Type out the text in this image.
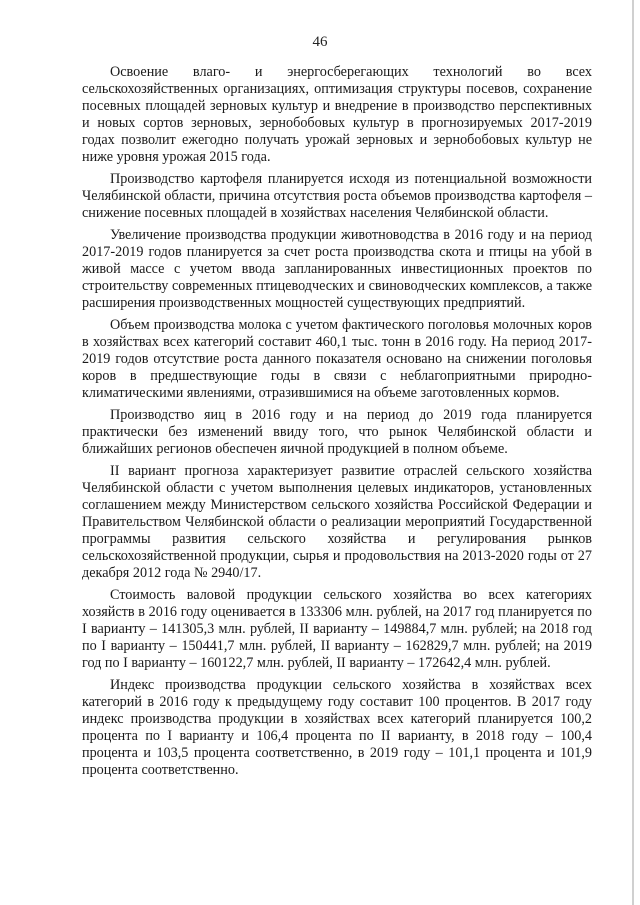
46

Освоение влаго- и энергосберегающих технологий во всех сельскохозяйственных организациях, оптимизация структуры посевов, сохранение посевных площадей зерновых культур и внедрение в производство перспективных и новых сортов зерновых, зернобобовых культур в прогнозируемых 2017-2019 годах позволит ежегодно получать урожай зерновых и зернобобовых культур не ниже уровня урожая 2015 года.

Производство картофеля планируется исходя из потенциальной возможности Челябинской области, причина отсутствия роста объемов производства картофеля – снижение посевных площадей в хозяйствах населения Челябинской области.

Увеличение производства продукции животноводства в 2016 году и на период 2017-2019 годов планируется за счет роста производства скота и птицы на убой в живой массе с учетом ввода запланированных инвестиционных проектов по строительству современных птицеводческих и свиноводческих комплексов, а также расширения производственных мощностей существующих предприятий.

Объем производства молока с учетом фактического поголовья молочных коров в хозяйствах всех категорий составит 460,1 тыс. тонн в 2016 году. На период 2017-2019 годов отсутствие роста данного показателя основано на снижении поголовья коров в предшествующие годы в связи с неблагоприятными природно-климатическими явлениями, отразившимися на объеме заготовленных кормов.

Производство яиц в 2016 году и на период до 2019 года планируется практически без изменений ввиду того, что рынок Челябинской области и ближайших регионов обеспечен яичной продукцией в полном объеме.

II вариант прогноза характеризует развитие отраслей сельского хозяйства Челябинской области с учетом выполнения целевых индикаторов, установленных соглашением между Министерством сельского хозяйства Российской Федерации и Правительством Челябинской области о реализации мероприятий Государственной программы развития сельского хозяйства и регулирования рынков сельскохозяйственной продукции, сырья и продовольствия на 2013-2020 годы от 27 декабря 2012 года № 2940/17.

Стоимость валовой продукции сельского хозяйства во всех категориях хозяйств в 2016 году оценивается в 133306 млн. рублей, на 2017 год планируется по I варианту – 141305,3 млн. рублей, II варианту – 149884,7 млн. рублей; на 2018 год по I варианту – 150441,7 млн. рублей, II варианту – 162829,7 млн. рублей; на 2019 год по I варианту – 160122,7 млн. рублей, II варианту – 172642,4 млн. рублей.

Индекс производства продукции сельского хозяйства в хозяйствах всех категорий в 2016 году к предыдущему году составит 100 процентов. В 2017 году индекс производства продукции в хозяйствах всех категорий планируется 100,2 процента по I варианту и 106,4 процента по II варианту, в 2018 году – 100,4 процента и 103,5 процента соответственно, в 2019 году – 101,1 процента и 101,9 процента соответственно.
